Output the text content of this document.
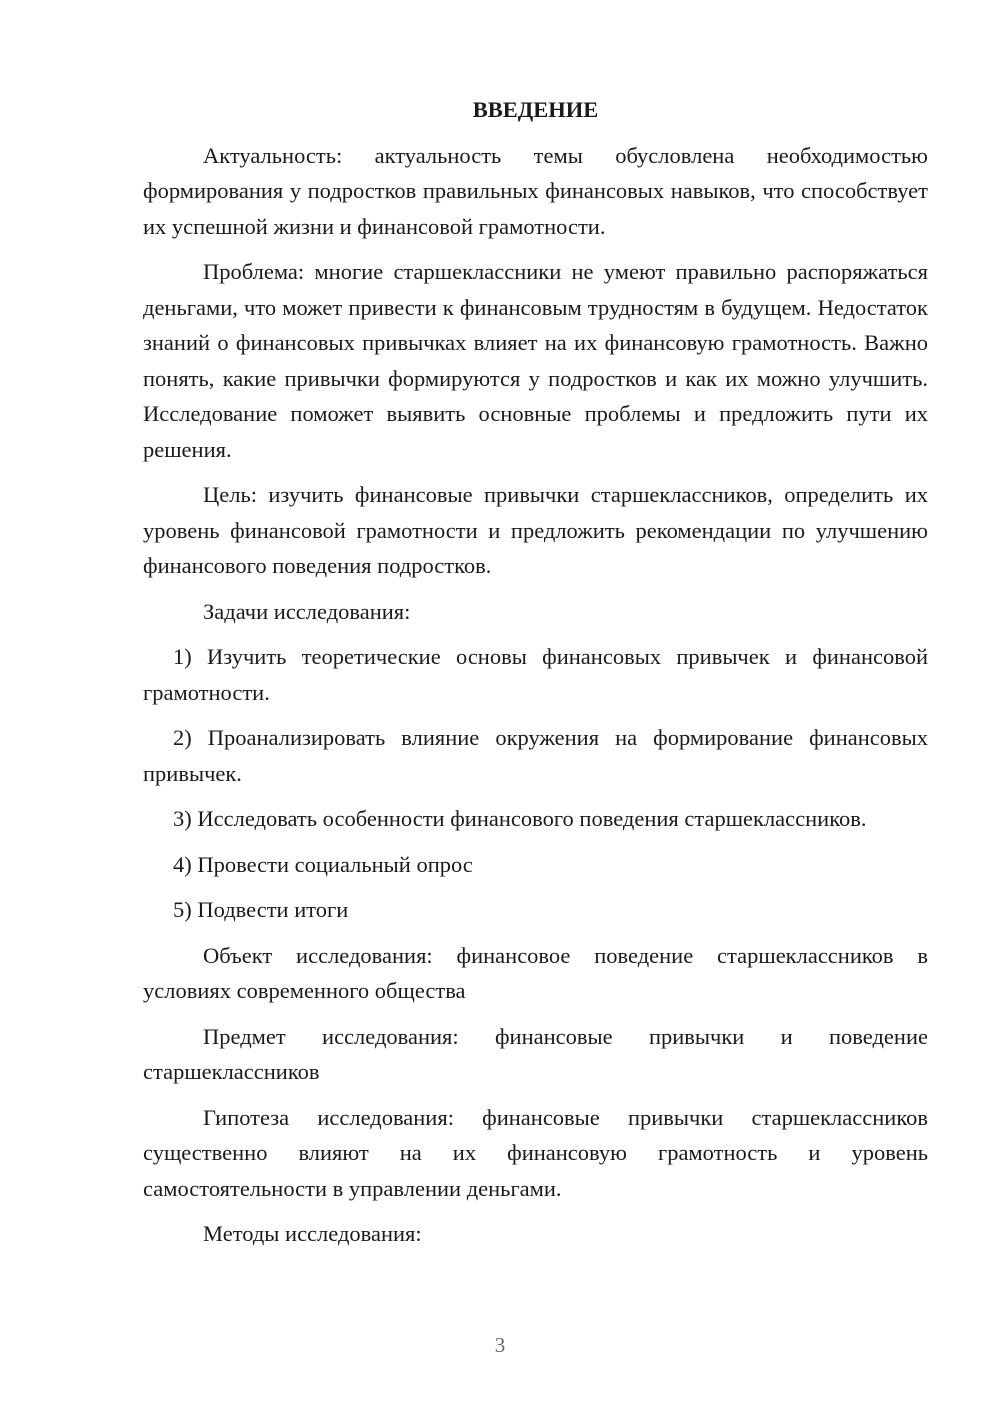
ВВЕДЕНИЕ

Актуальность: актуальность темы обусловлена необходимостью формирования у подростков правильных финансовых навыков, что способствует их успешной жизни и финансовой грамотности.

Проблема: многие старшеклассники не умеют правильно распоряжаться деньгами, что может привести к финансовым трудностям в будущем. Недостаток знаний о финансовых привычках влияет на их финансовую грамотность. Важно понять, какие привычки формируются у подростков и как их можно улучшить. Исследование поможет выявить основные проблемы и предложить пути их решения.

Цель: изучить финансовые привычки старшеклассников, определить их уровень финансовой грамотности и предложить рекомендации по улучшению финансового поведения подростков.

Задачи исследования:

1) Изучить теоретические основы финансовых привычек и финансовой грамотности.

2) Проанализировать влияние окружения на формирование финансовых привычек.

3) Исследовать особенности финансового поведения старшеклассников.

4) Провести социальный опрос

5) Подвести итоги

Объект исследования: финансовое поведение старшеклассников в условиях современного общества

Предмет исследования: финансовые привычки и поведение старшеклассников

Гипотеза исследования: финансовые привычки старшеклассников существенно влияют на их финансовую грамотность и уровень самостоятельности в управлении деньгами.

Методы исследования:

3
